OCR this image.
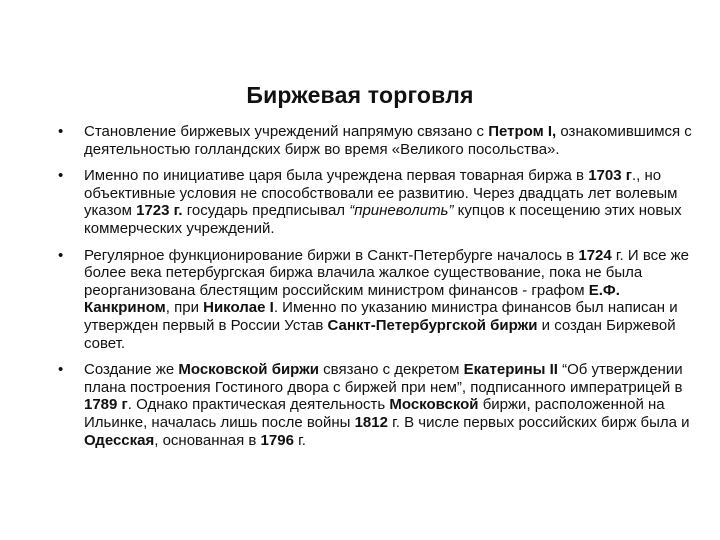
Биржевая торговля
• Становление биржевых учреждений напрямую связано с Петром I, ознакомившимся с деятельностью голландских бирж во время «Великого посольства».
• Именно по инициативе царя была учреждена первая товарная биржа в 1703 г., но объективные условия не способствовали ее развитию. Через двадцать лет волевым указом 1723 г. государь предписывал “приневолить” купцов к посещению этих новых коммерческих учреждений.
• Регулярное функционирование биржи в Санкт-Петербурге началось в 1724 г. И все же более века петербургская биржа влачила жалкое существование, пока не была реорганизована блестящим российским министром финансов - графом Е.Ф. Канкрином, при Николае I. Именно по указанию министра финансов был написан и утвержден первый в России Устав Санкт-Петербургской биржи и создан Биржевой совет.
• Создание же Московской биржи связано с декретом Екатерины II “Об утверждении плана построения Гостиного двора с биржей при нем”, подписанного императрицей в 1789 г. Однако практическая деятельность Московской биржи, расположенной на Ильинке, началась лишь после войны 1812 г. В числе первых российских бирж была и Одесская, основанная в 1796 г.
